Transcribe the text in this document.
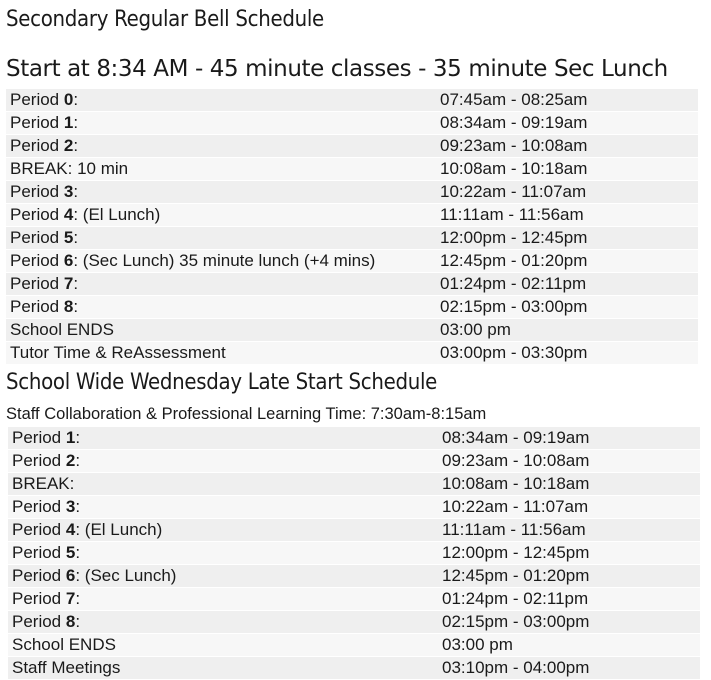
Secondary Regular Bell Schedule
Start at 8:34 AM - 45 minute classes - 35 minute Sec Lunch
Period 0:	07:45am - 08:25am
Period 1:	08:34am - 09:19am
Period 2:	09:23am - 10:08am
BREAK: 10 min	10:08am - 10:18am
Period 3:	10:22am - 11:07am
Period 4: (El Lunch)	11:11am - 11:56am
Period 5:	12:00pm - 12:45pm
Period 6: (Sec Lunch) 35 minute lunch (+4 mins)	12:45pm - 01:20pm
Period 7:	01:24pm - 02:11pm
Period 8:	02:15pm - 03:00pm
School ENDS	03:00 pm
Tutor Time & ReAssessment	03:00pm - 03:30pm
School Wide Wednesday Late Start Schedule
Staff Collaboration & Professional Learning Time: 7:30am-8:15am
Period 1:	08:34am - 09:19am
Period 2:	09:23am - 10:08am
BREAK:	10:08am - 10:18am
Period 3:	10:22am - 11:07am
Period 4: (El Lunch)	11:11am - 11:56am
Period 5:	12:00pm - 12:45pm
Period 6: (Sec Lunch)	12:45pm - 01:20pm
Period 7:	01:24pm - 02:11pm
Period 8:	02:15pm - 03:00pm
School ENDS	03:00 pm
Staff Meetings	03:10pm - 04:00pm
